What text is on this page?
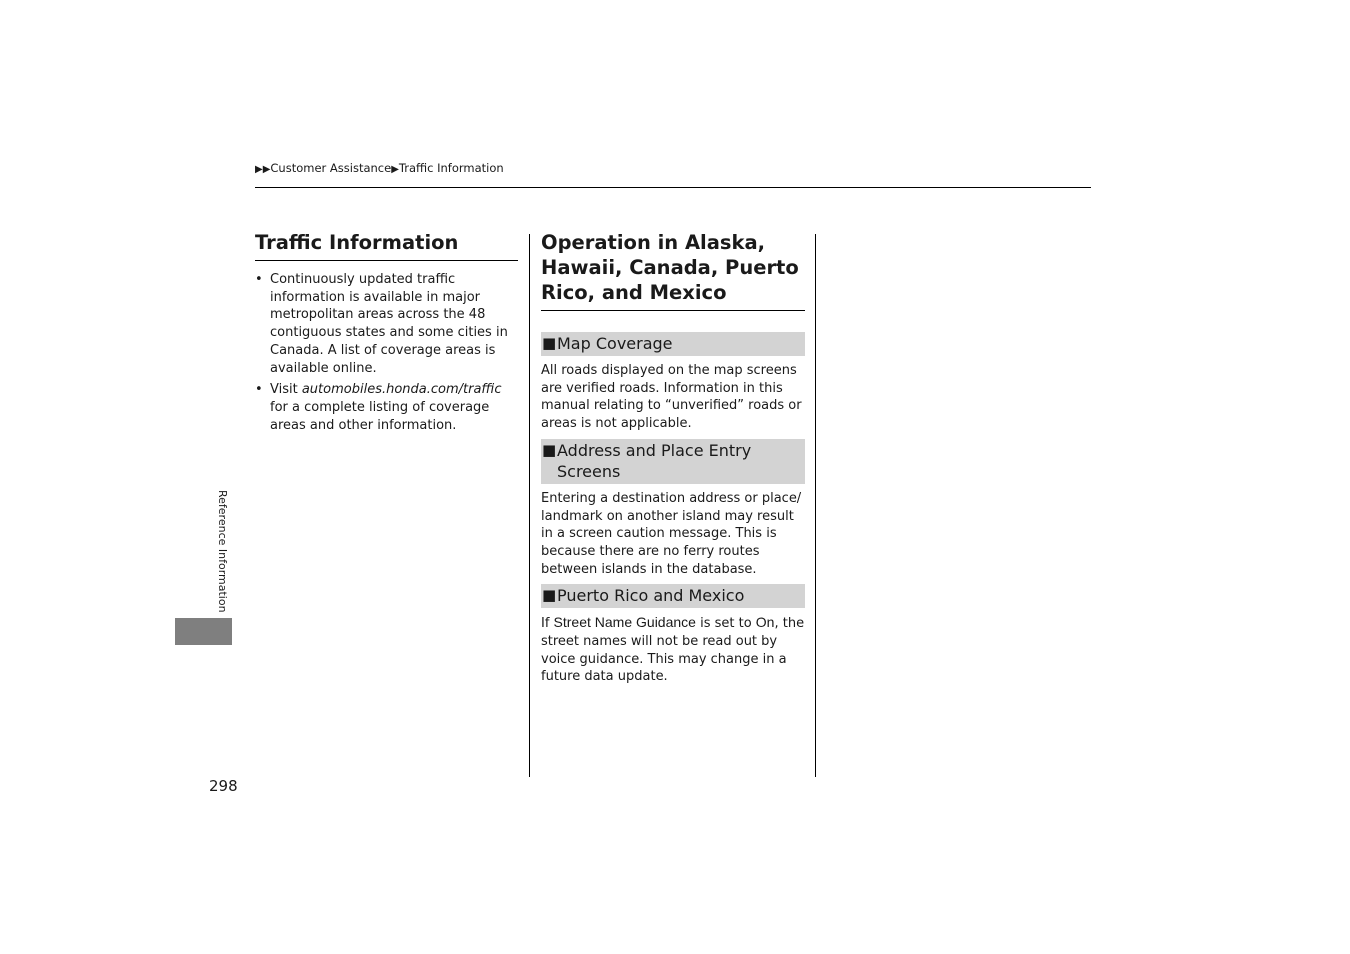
▶▶Customer Assistance▶Traffic Information
Traffic Information
• Continuously updated traffic information is available in major metropolitan areas across the 48 contiguous states and some cities in Canada. A list of coverage areas is available online.
• Visit automobiles.honda.com/traffic for a complete listing of coverage areas and other information.
Operation in Alaska, Hawaii, Canada, Puerto Rico, and Mexico
■ Map Coverage

All roads displayed on the map screens are verified roads. Information in this manual relating to “unverified” roads or areas is not applicable.

■ Address and Place Entry Screens

Entering a destination address or place/ landmark on another island may result in a screen caution message. This is because there are no ferry routes between islands in the database.

■ Puerto Rico and Mexico

If Street Name Guidance is set to On, the street names will not be read out by voice guidance. This may change in a future data update.

Reference Information
298
